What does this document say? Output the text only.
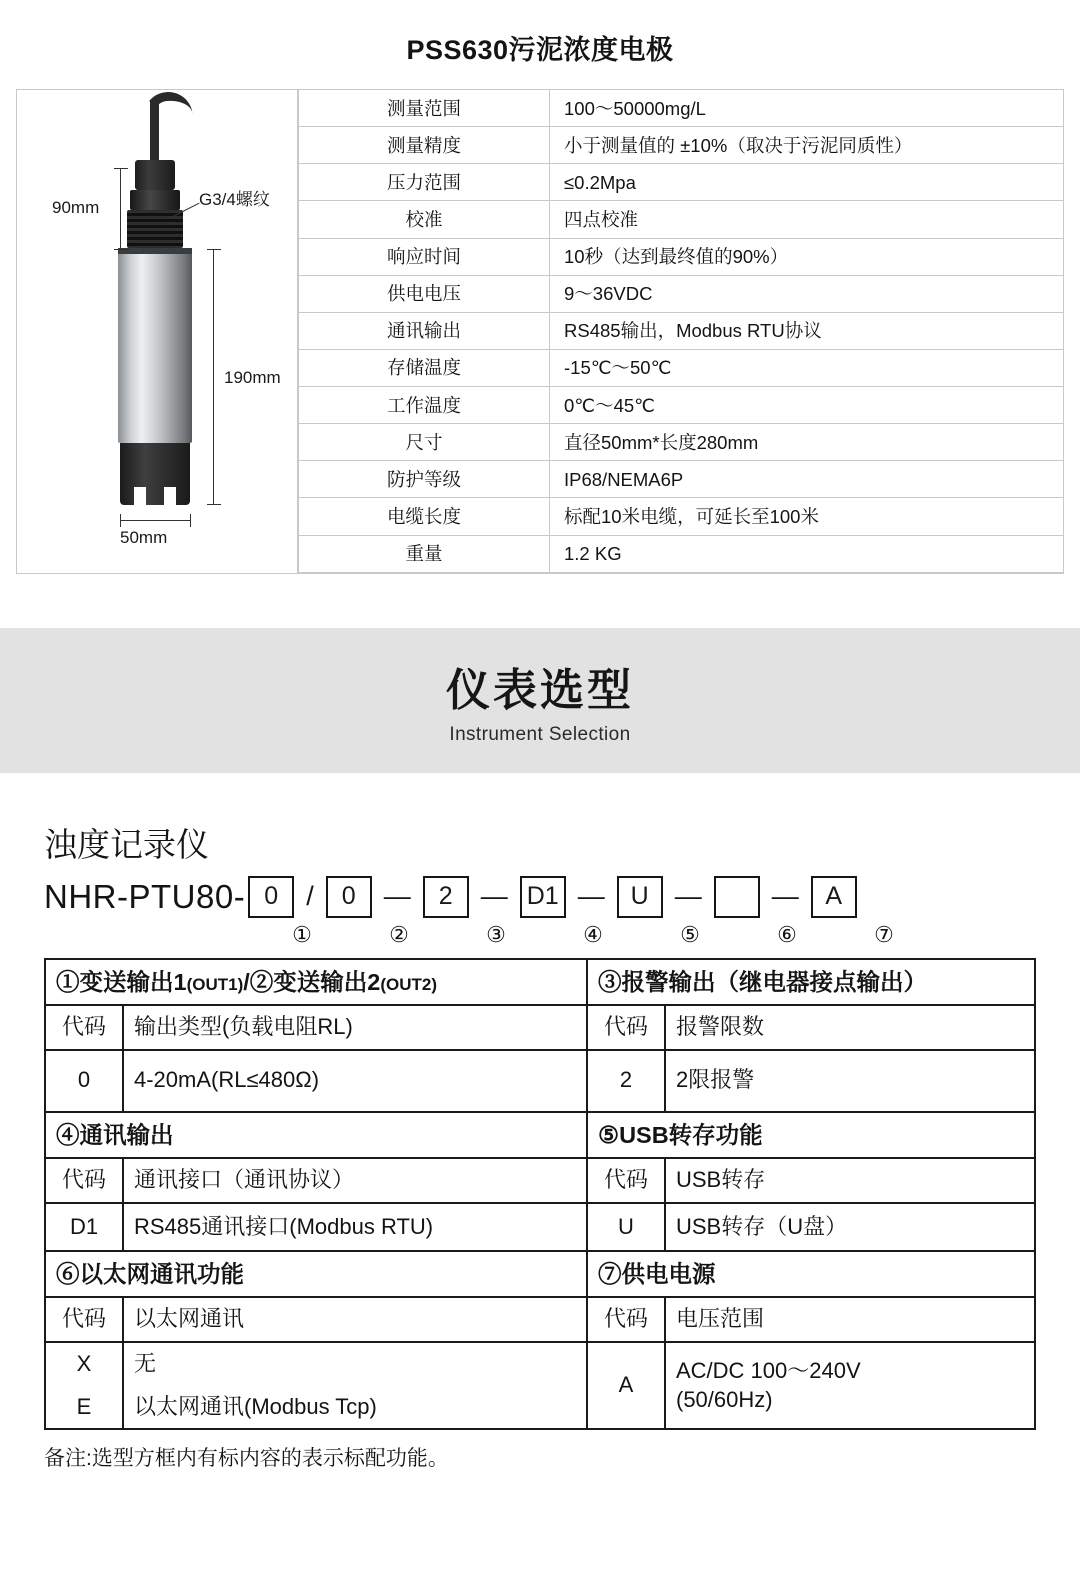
PSS630污泥浓度电极
90mm
190mm
50mm
G3/4螺纹
测量范围	100～50000mg/L
测量精度	小于测量值的 ±10%（取决于污泥同质性）
压力范围	≤0.2Mpa
校准	四点校准
响应时间	10秒（达到最终值的90%）
供电电压	9～36VDC
通讯输出	RS485输出，Modbus RTU协议
存储温度	-15℃～50℃
工作温度	0℃～45℃
尺寸	直径50mm*长度280mm
防护等级	IP68/NEMA6P
电缆长度	标配10米电缆，可延长至100米
重量	1.2 KG
仪表选型
Instrument Selection
浊度记录仪
NHR-PTU80- 0	/	0	—	2	— D1 —	U —	—	A
①	②	③	④	⑤	⑥	⑦
①变送输出1(OUT1)/②变送输出2(OUT2)		③报警输出（继电器接点输出）	
代码	输出类型(负载电阻RL)	代码	报警限数
0	4-20mA(RL≤480Ω)	2	2限报警
④通讯输出		⑤USB转存功能	
代码	通讯接口（通讯协议）	代码	USB转存
D1	RS485通讯接口(Modbus RTU)	U	USB转存（U盘）
⑥以太网通讯功能		⑦供电电源	
代码	以太网通讯	代码	电压范围
X	无	A	AC/DC 100～240V
(50/60Hz)

E	以太网通讯(Modbus Tcp)		
备注:选型方框内有标内容的表示标配功能。
